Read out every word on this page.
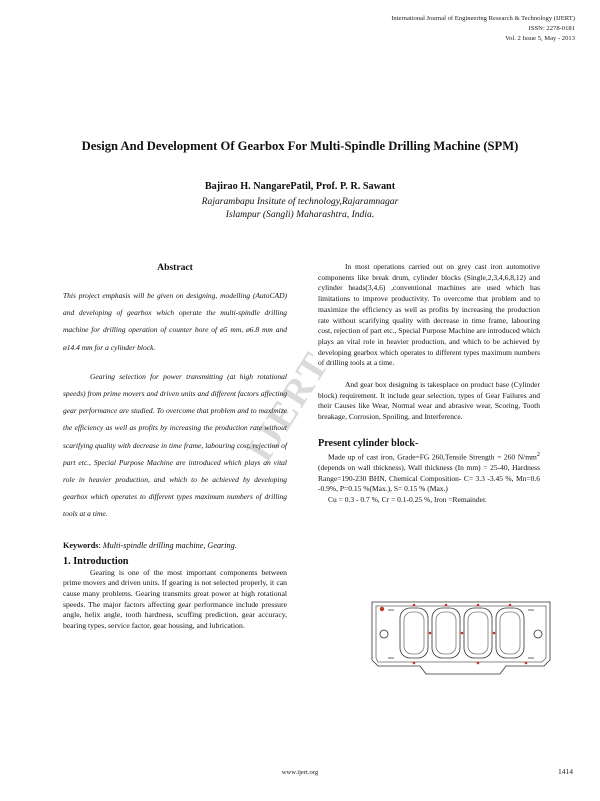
International Journal of Engineering Research & Technology (IJERT)
ISSN: 2278-0181
Vol. 2 Issue 5, May - 2013
Design And Development Of Gearbox For Multi-Spindle Drilling Machine (SPM)
Bajirao H. NangarePatil, Prof. P. R. Sawant
Rajarambapu Insitute of technology,Rajaramnagar
Islampur (Sangli) Maharashtra, India.
IJERT
Abstract

This project emphasis will be given on designing, modelling (AutoCAD) and developing of gearbox which operate the multi-spindle drilling machine for drilling operation of counter bore of ø5 mm, ø6.8 mm and ø14.4 mm for a cylinder block.

Gearing selection for power transmitting (at high rotational speeds) from prime movers and driven units and different factors affecting gear performance are studied. To overcome that problem and to maximize the efficiency as well as profits by increasing the production rate without scarifying quality with decrease in time frame, labouring cost, rejection of part etc., Special Purpose Machine are introduced which plays an vital role in heavier production, and which to be achieved by developing gearbox which operates to different types maximum numbers of drilling tools at a time.

Keywords: Multi-spindle drilling machine, Gearing.
1. Introduction

Gearing is one of the most important components between prime movers and driven units. If gearing is not selected properly, it can cause many problems. Gearing transmits great power at high rotational speeds. The major factors affecting gear performance include pressure angle, helix angle, tooth hardness, scuffing prediction, gear accuracy, bearing types, service factor, gear housing, and lubrication.

In most operations carried out on grey cast iron automotive components like break drum, cylinder blocks (Single,2,3,4,6,8,12) and cylinder heads(3,4,6) ,conventional machines are used which has limitations to improve productivity. To overcome that problem and to maximize the efficiency as well as profits by increasing the production rate without scarifying quality with decrease in time frame, labouring cost, rejection of part etc., Special Purpose Machine are introduced which plays an vital role in heavier production, and which to be achieved by developing gearbox which operates to different types maximum numbers of drilling tools at a time.

And gear box designing is takesplace on product base (Cylinder block) requirement. It include gear selection, types of Gear Failures and their Causes like Wear, Normal wear and abrasive wear, Scoring, Tooth breakage, Corrosion, Spoiling, and Interference.

Present cylinder block-

Made up of cast iron, Grade=FG 260,Tensile Strength = 260 $N/mm^2$ (depends on wall thickness), Wall thickness (In mm) = 25-40, Hardness Range=190-230 BHN, Chemical Composition- C= 3.3 -3.45 %, Mn=0.6 -0.9%, P=0.15 %(Max.), S= 0.15 % (Max.)

Cu = 0.3 - 0.7 %, Cr = 0.1-0.25 %, Iron =Remainder.

www.ijert.org	1414
